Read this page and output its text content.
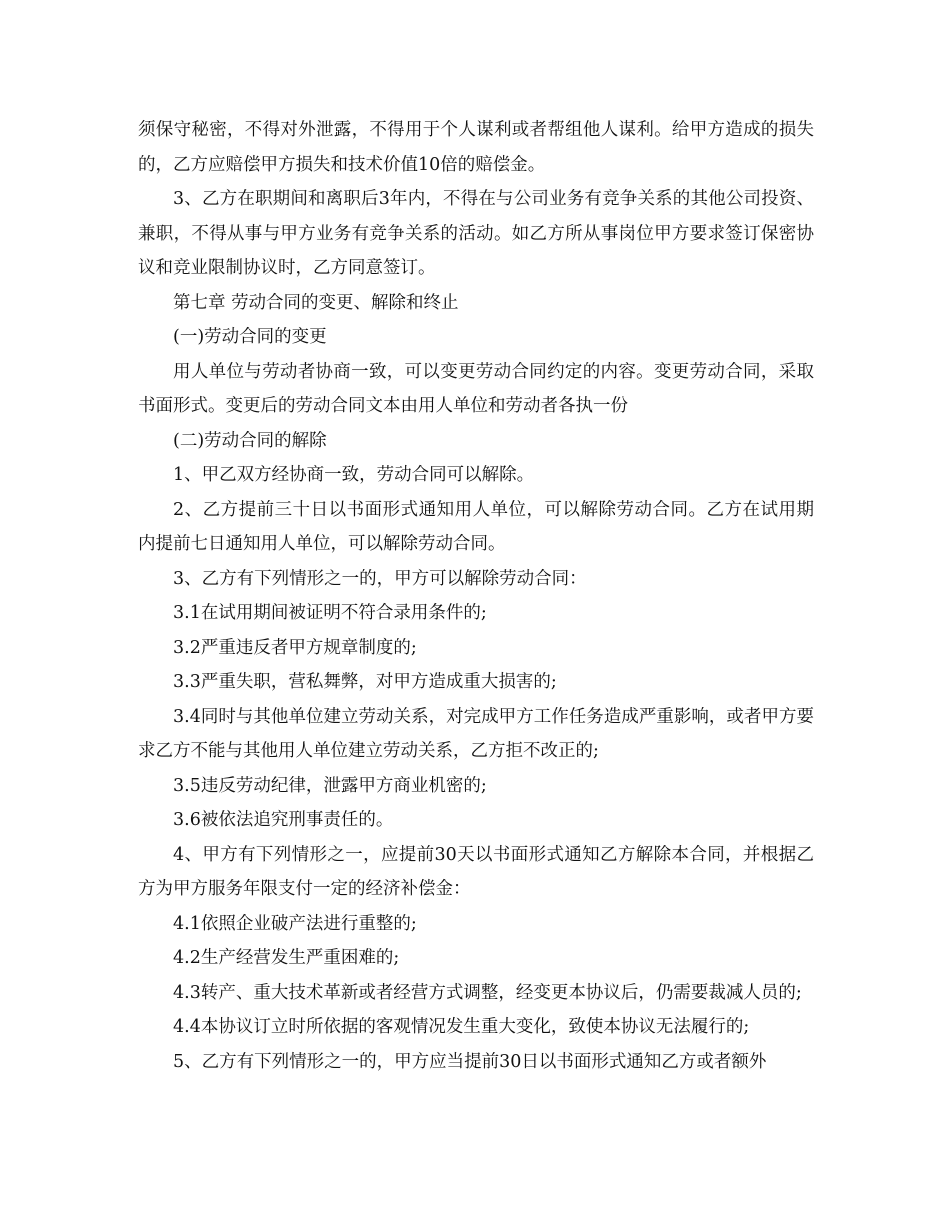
须保守秘密，不得对外泄露，不得用于个人谋利或者帮组他人谋利。给甲方造成的损失的，乙方应赔偿甲方损失和技术价值10倍的赔偿金。

3、乙方在职期间和离职后3年内，不得在与公司业务有竞争关系的其他公司投资、兼职，不得从事与甲方业务有竞争关系的活动。如乙方所从事岗位甲方要求签订保密协议和竞业限制协议时，乙方同意签订。

第七章 劳动合同的变更、解除和终止

(一)劳动合同的变更

用人单位与劳动者协商一致，可以变更劳动合同约定的内容。变更劳动合同，采取书面形式。变更后的劳动合同文本由用人单位和劳动者各执一份

(二)劳动合同的解除

1、甲乙双方经协商一致，劳动合同可以解除。

2、乙方提前三十日以书面形式通知用人单位，可以解除劳动合同。乙方在试用期内提前七日通知用人单位，可以解除劳动合同。

3、乙方有下列情形之一的，甲方可以解除劳动合同：

3.1在试用期间被证明不符合录用条件的;

3.2严重违反者甲方规章制度的;

3.3严重失职，营私舞弊，对甲方造成重大损害的;

3.4同时与其他单位建立劳动关系，对完成甲方工作任务造成严重影响，或者甲方要求乙方不能与其他用人单位建立劳动关系，乙方拒不改正的;

3.5违反劳动纪律，泄露甲方商业机密的;

3.6被依法追究刑事责任的。

4、甲方有下列情形之一，应提前30天以书面形式通知乙方解除本合同，并根据乙方为甲方服务年限支付一定的经济补偿金：

4.1依照企业破产法进行重整的;

4.2生产经营发生严重困难的;

4.3转产、重大技术革新或者经营方式调整，经变更本协议后，仍需要裁减人员的;

4.4本协议订立时所依据的客观情况发生重大变化，致使本协议无法履行的;

5、乙方有下列情形之一的，甲方应当提前30日以书面形式通知乙方或者额外
